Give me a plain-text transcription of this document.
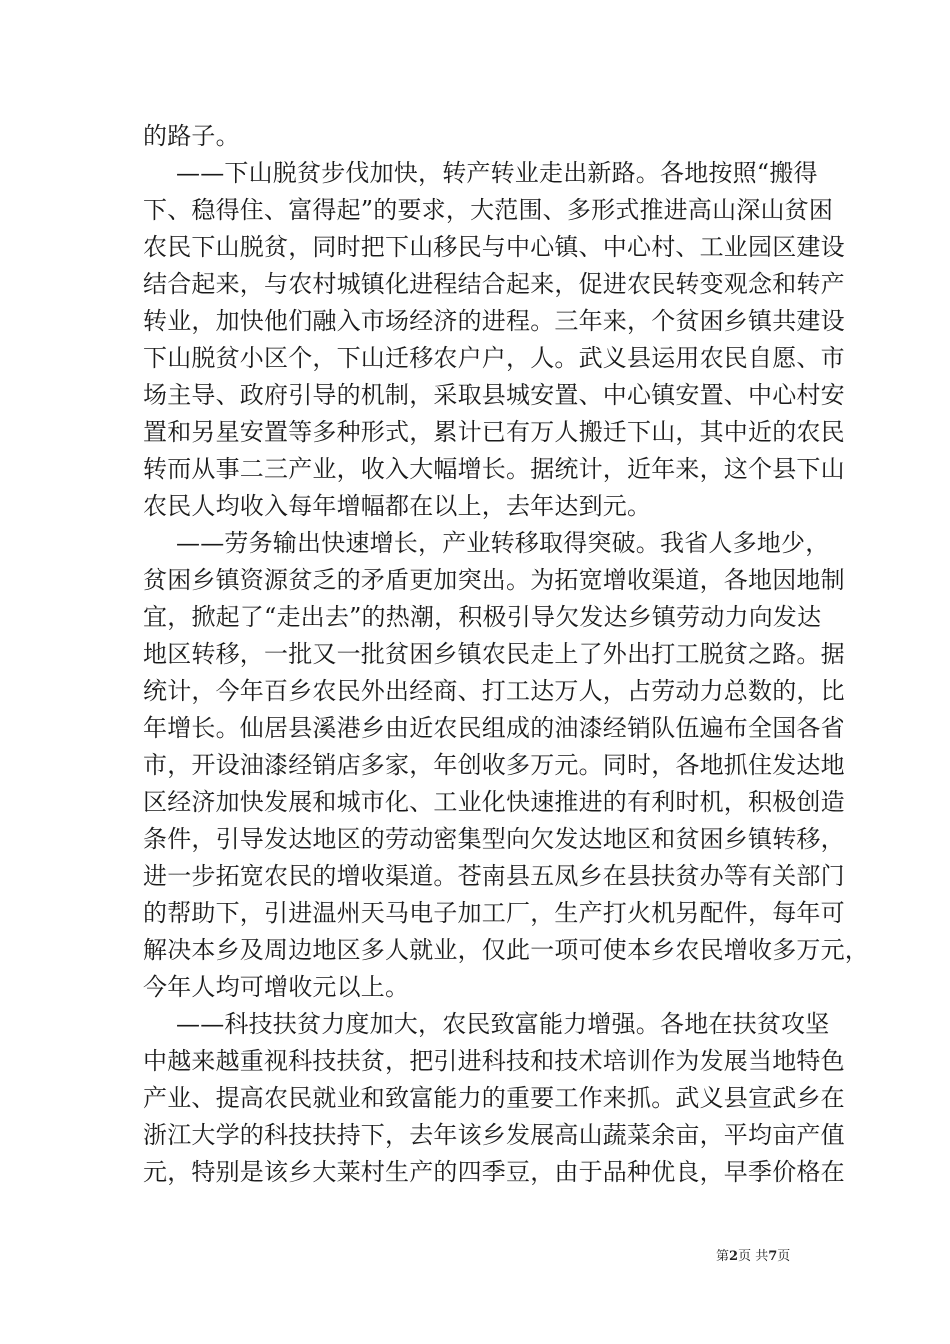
的路子。
——下山脱贫步伐加快，转产转业走出新路。各地按照“搬得
下、稳得住、富得起”的要求，大范围、多形式推进高山深山贫困
农民下山脱贫，同时把下山移民与中心镇、中心村、工业园区建设
结合起来，与农村城镇化进程结合起来，促进农民转变观念和转产
转业，加快他们融入市场经济的进程。三年来，个贫困乡镇共建设
下山脱贫小区个，下山迁移农户户，人。武义县运用农民自愿、市
场主导、政府引导的机制，采取县城安置、中心镇安置、中心村安
置和另星安置等多种形式，累计已有万人搬迁下山，其中近的农民
转而从事二三产业，收入大幅增长。据统计，近年来，这个县下山
农民人均收入每年增幅都在以上，去年达到元。
——劳务输出快速增长，产业转移取得突破。我省人多地少，
贫困乡镇资源贫乏的矛盾更加突出。为拓宽增收渠道，各地因地制
宜，掀起了“走出去”的热潮，积极引导欠发达乡镇劳动力向发达
地区转移，一批又一批贫困乡镇农民走上了外出打工脱贫之路。据
统计，今年百乡农民外出经商、打工达万人，占劳动力总数的，比
年增长。仙居县溪港乡由近农民组成的油漆经销队伍遍布全国各省
市，开设油漆经销店多家，年创收多万元。同时，各地抓住发达地
区经济加快发展和城市化、工业化快速推进的有利时机，积极创造
条件，引导发达地区的劳动密集型向欠发达地区和贫困乡镇转移，
进一步拓宽农民的增收渠道。苍南县五凤乡在县扶贫办等有关部门
的帮助下，引进温州天马电子加工厂，生产打火机另配件，每年可
解决本乡及周边地区多人就业，仅此一项可使本乡农民增收多万元，
今年人均可增收元以上。
——科技扶贫力度加大，农民致富能力增强。各地在扶贫攻坚
中越来越重视科技扶贫，把引进科技和技术培训作为发展当地特色
产业、提高农民就业和致富能力的重要工作来抓。武义县宣武乡在
浙江大学的科技扶持下，去年该乡发展高山蔬菜余亩，平均亩产值
元，特别是该乡大莱村生产的四季豆，由于品种优良，早季价格在
第2页 共7页
